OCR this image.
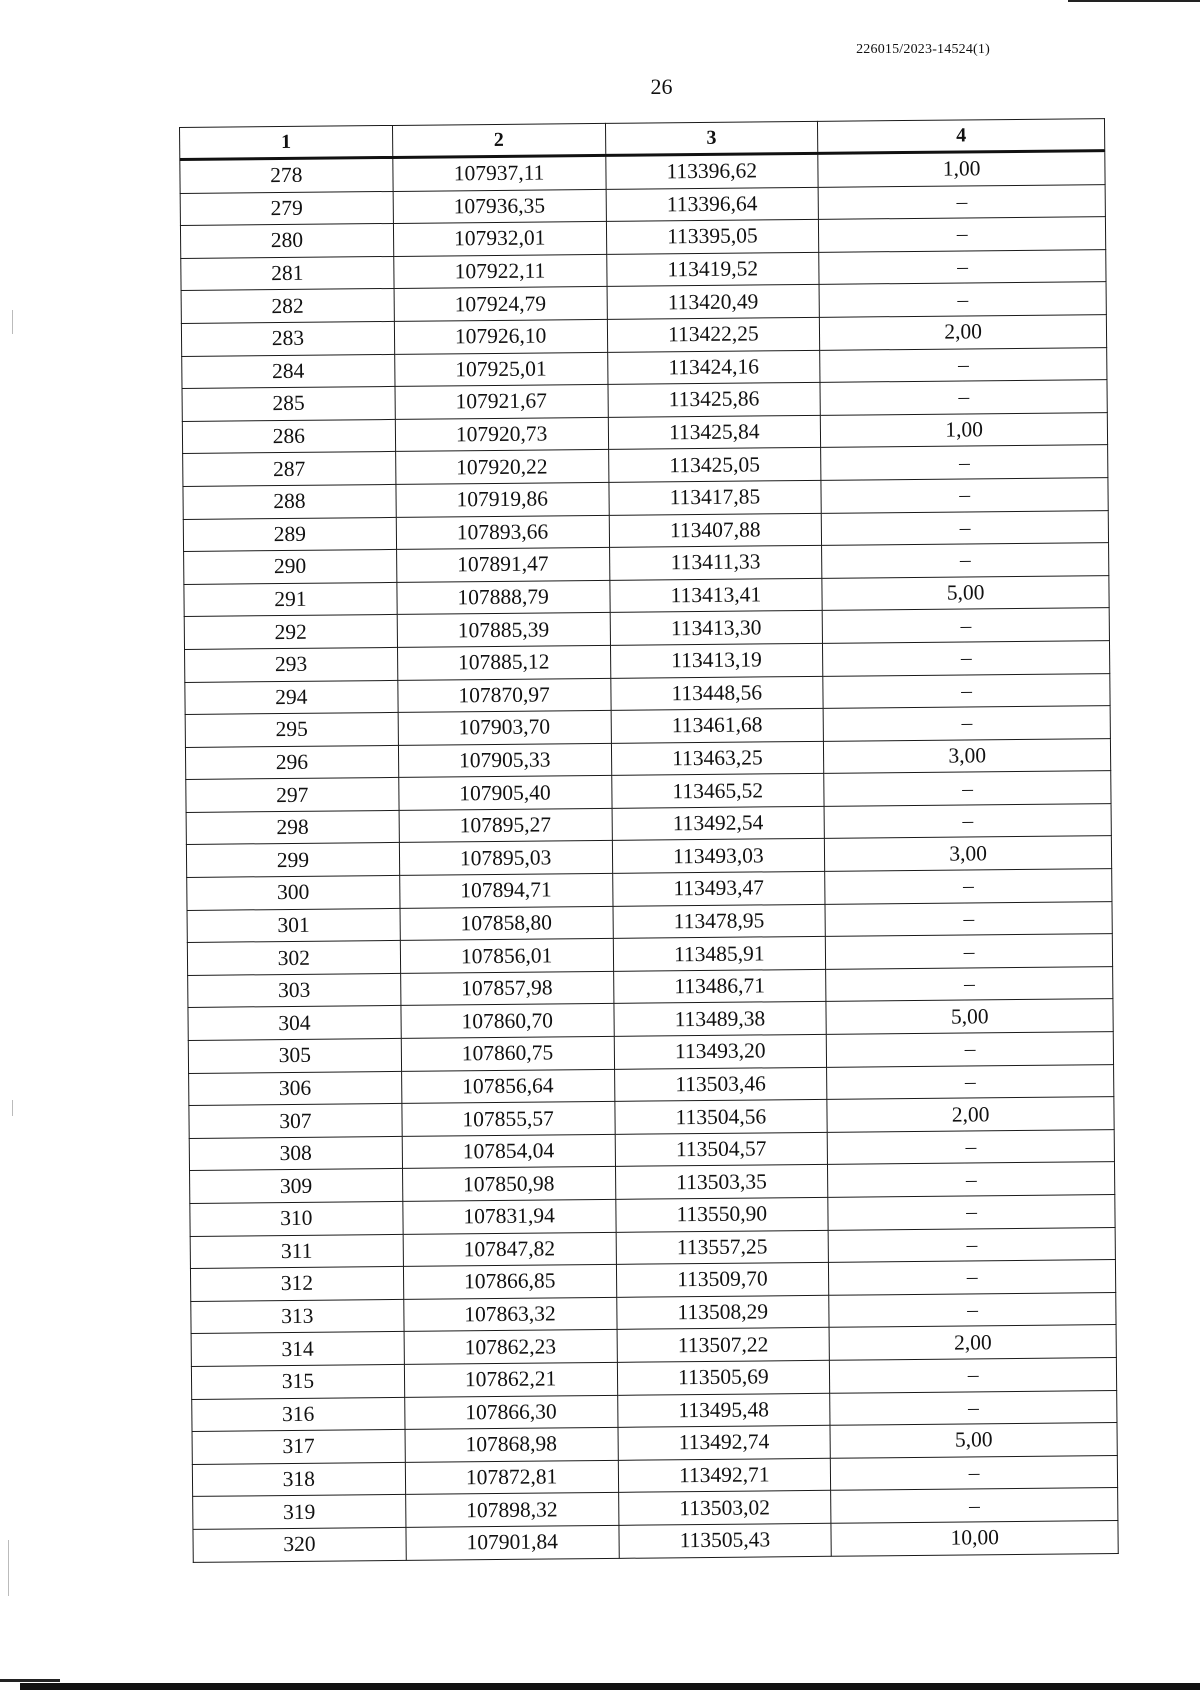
226015/2023-14524(1)
26
1	2	3	4
278	107937,11	113396,62	1,00
279	107936,35	113396,64	–
280	107932,01	113395,05	–
281	107922,11	113419,52	–
282	107924,79	113420,49	–
283	107926,10	113422,25	2,00
284	107925,01	113424,16	–
285	107921,67	113425,86	–
286	107920,73	113425,84	1,00
287	107920,22	113425,05	–
288	107919,86	113417,85	–
289	107893,66	113407,88	–
290	107891,47	113411,33	–
291	107888,79	113413,41	5,00
292	107885,39	113413,30	–
293	107885,12	113413,19	–
294	107870,97	113448,56	–
295	107903,70	113461,68	–
296	107905,33	113463,25	3,00
297	107905,40	113465,52	–
298	107895,27	113492,54	–
299	107895,03	113493,03	3,00
300	107894,71	113493,47	–
301	107858,80	113478,95	–
302	107856,01	113485,91	–
303	107857,98	113486,71	–
304	107860,70	113489,38	5,00
305	107860,75	113493,20	–
306	107856,64	113503,46	–
307	107855,57	113504,56	2,00
308	107854,04	113504,57	–
309	107850,98	113503,35	–
310	107831,94	113550,90	–
311	107847,82	113557,25	–
312	107866,85	113509,70	–
313	107863,32	113508,29	–
314	107862,23	113507,22	2,00
315	107862,21	113505,69	–
316	107866,30	113495,48	–
317	107868,98	113492,74	5,00
318	107872,81	113492,71	–
319	107898,32	113503,02	–
320	107901,84	113505,43	10,00
